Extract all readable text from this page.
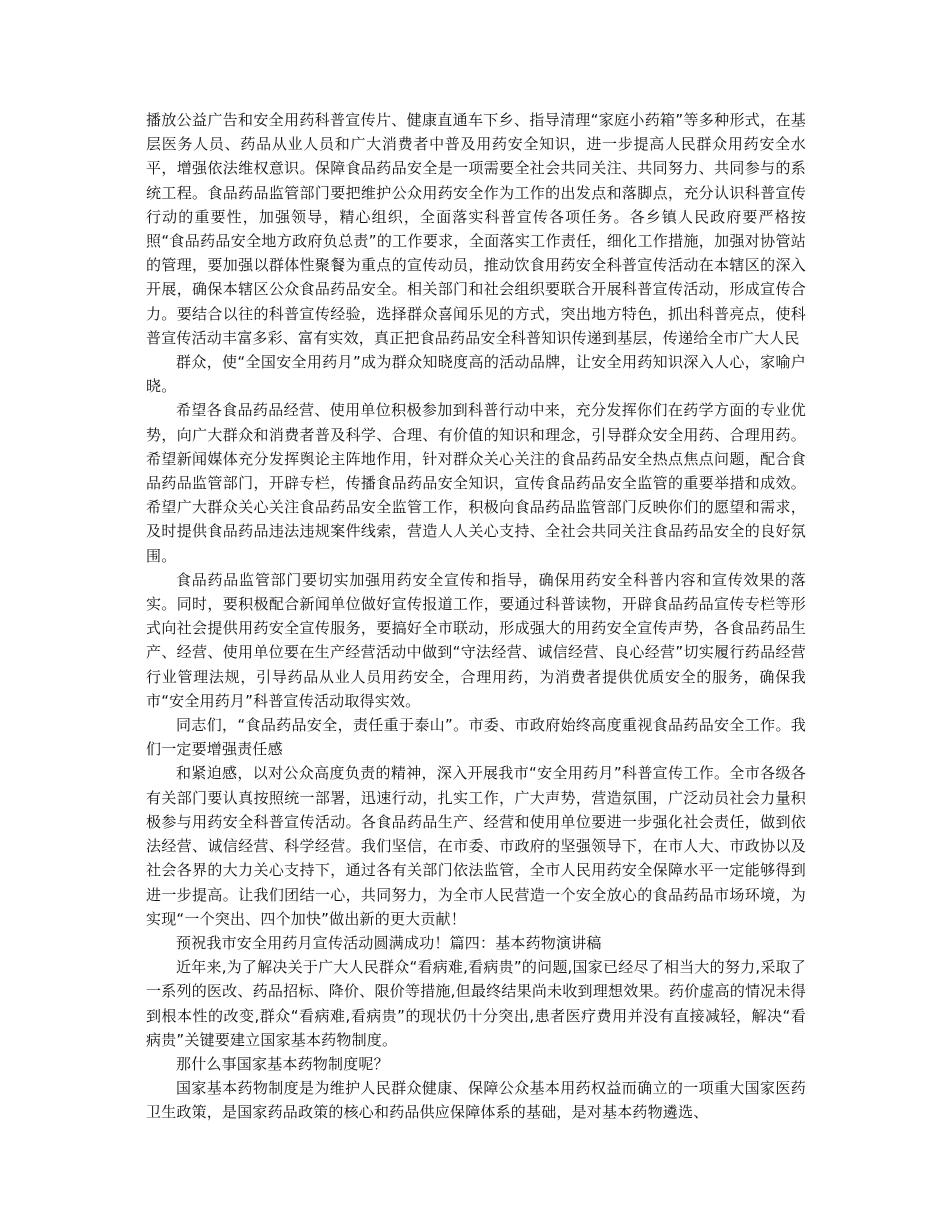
播放公益广告和安全用药科普宣传片、健康直通车下乡、指导清理“家庭小药箱”等多种形式，在基层医务人员、药品从业人员和广大消费者中普及用药安全知识，进一步提高人民群众用药安全水平，增强依法维权意识。保障食品药品安全是一项需要全社会共同关注、共同努力、共同参与的系统工程。食品药品监管部门要把维护公众用药安全作为工作的出发点和落脚点，充分认识科普宣传行动的重要性，加强领导，精心组织，全面落实科普宣传各项任务。各乡镇人民政府要严格按照“食品药品安全地方政府负总责”的工作要求，全面落实工作责任，细化工作措施，加强对协管站的管理，要加强以群体性聚餐为重点的宣传动员，推动饮食用药安全科普宣传活动在本辖区的深入开展，确保本辖区公众食品药品安全。相关部门和社会组织要联合开展科普宣传活动，形成宣传合力。要结合以往的科普宣传经验，选择群众喜闻乐见的方式，突出地方特色，抓出科普亮点，使科普宣传活动丰富多彩、富有实效，真正把食品药品安全科普知识传递到基层，传递给全市广大人民

群众，使“全国安全用药月”成为群众知晓度高的活动品牌，让安全用药知识深入人心，家喻户晓。

希望各食品药品经营、使用单位积极参加到科普行动中来，充分发挥你们在药学方面的专业优势，向广大群众和消费者普及科学、合理、有价值的知识和理念，引导群众安全用药、合理用药。希望新闻媒体充分发挥舆论主阵地作用，针对群众关心关注的食品药品安全热点焦点问题，配合食品药品监管部门，开辟专栏，传播食品药品安全知识，宣传食品药品安全监管的重要举措和成效。希望广大群众关心关注食品药品安全监管工作，积极向食品药品监管部门反映你们的愿望和需求，及时提供食品药品违法违规案件线索，营造人人关心支持、全社会共同关注食品药品安全的良好氛围。

食品药品监管部门要切实加强用药安全宣传和指导，确保用药安全科普内容和宣传效果的落实。同时，要积极配合新闻单位做好宣传报道工作，要通过科普读物，开辟食品药品宣传专栏等形式向社会提供用药安全宣传服务，要搞好全市联动，形成强大的用药安全宣传声势，各食品药品生产、经营、使用单位要在生产经营活动中做到“守法经营、诚信经营、良心经营”切实履行药品经营行业管理法规，引导药品从业人员用药安全，合理用药，为消费者提供优质安全的服务，确保我市“安全用药月”科普宣传活动取得实效。

同志们，“食品药品安全，责任重于泰山”。市委、市政府始终高度重视食品药品安全工作。我们一定要增强责任感

和紧迫感，以对公众高度负责的精神，深入开展我市“安全用药月”科普宣传工作。全市各级各有关部门要认真按照统一部署，迅速行动，扎实工作，广大声势，营造氛围，广泛动员社会力量积极参与用药安全科普宣传活动。各食品药品生产、经营和使用单位要进一步强化社会责任，做到依法经营、诚信经营、科学经营。我们坚信，在市委、市政府的坚强领导下，在市人大、市政协以及社会各界的大力关心支持下，通过各有关部门依法监管，全市人民用药安全保障水平一定能够得到进一步提高。让我们团结一心，共同努力，为全市人民营造一个安全放心的食品药品市场环境，为实现“一个突出、四个加快”做出新的更大贡献！

预祝我市安全用药月宣传活动圆满成功！篇四：基本药物演讲稿

近年来,为了解决关于广大人民群众“看病难,看病贵”的问题,国家已经尽了相当大的努力,采取了一系列的医改、药品招标、降价、限价等措施,但最终结果尚未收到理想效果。药价虚高的情况未得到根本性的改变,群众“看病难,看病贵”的现状仍十分突出,患者医疗费用并没有直接减轻，解决“看病贵”关键要建立国家基本药物制度。

那什么事国家基本药物制度呢？

国家基本药物制度是为维护人民群众健康、保障公众基本用药权益而确立的一项重大国家医药卫生政策，是国家药品政策的核心和药品供应保障体系的基础，是对基本药物遴选、
